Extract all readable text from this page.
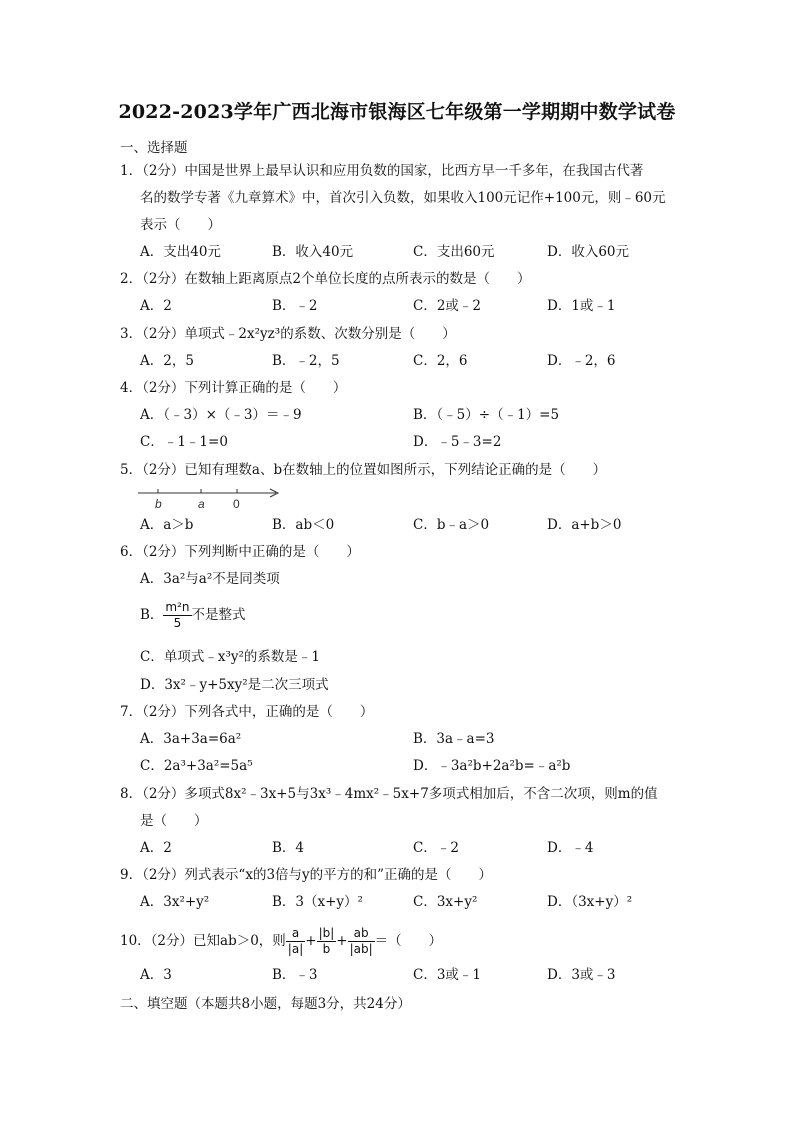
2022-2023学年广西北海市银海区七年级第一学期期中数学试卷
一、选择题
1．（2分）中国是世界上最早认识和应用负数的国家，比西方早一千多年，在我国古代著
名的数学专著《九章算术》中，首次引入负数，如果收入100元记作+100元，则﹣60元
表示（　　）
A．支出40元	B．收入40元	C．支出60元	D．收入60元
2．（2分）在数轴上距离原点2个单位长度的点所表示的数是（　　）
A．2	B．﹣2	C．2或﹣2	D．1或﹣1
3．（2分）单项式﹣2x²yz³的系数、次数分别是（　　）
A．2，5	B．﹣2，5	C．2，6	D．﹣2，6
4．（2分）下列计算正确的是（　　）
A．（﹣3）×（﹣3）＝﹣9	B．（﹣5）÷（﹣1）=5
C．﹣1﹣1=0	D．﹣5﹣3=2
5．（2分）已知有理数a、b在数轴上的位置如图所示，下列结论正确的是（　　）
b	a 0
A．a＞b	B．ab＜0	C．b﹣a＞0	D．a+b＞0
6．（2分）下列判断中正确的是（　　）
A．3a²与a²不是同类项
B． $\frac{\text{m²n}}{5}$ 不是整式
C．单项式﹣x³y²的系数是﹣1
D．3x²﹣y+5xy²是二次三项式
7．（2分）下列各式中，正确的是（　　）
A．3a+3a=6a²	B．3a﹣a=3
C．2a³+3a²=5a⁵	D．﹣3a²b+2a²b=﹣a²b
8．（2分）多项式8x²﹣3x+5与3x³﹣4mx²﹣5x+7多项式相加后，不含二次项，则m的值
是（　　）
A．2	B．4	C．﹣2	D．﹣4
9．（2分）列式表示“x的3倍与y的平方的和”正确的是（　　）
A．3x²+y²	B．3（x+y）²	C．3x+y²	D．（3x+y）²
10．（2分）已知ab＞0，则 $\frac{a}{|a|} + \frac{|b|}{b} + \frac{ab}{|ab|}$ ＝（　　）
A．3	B．﹣3	C．3或﹣1	D．3或﹣3
二、填空题（本题共8小题，每题3分，共24分）
